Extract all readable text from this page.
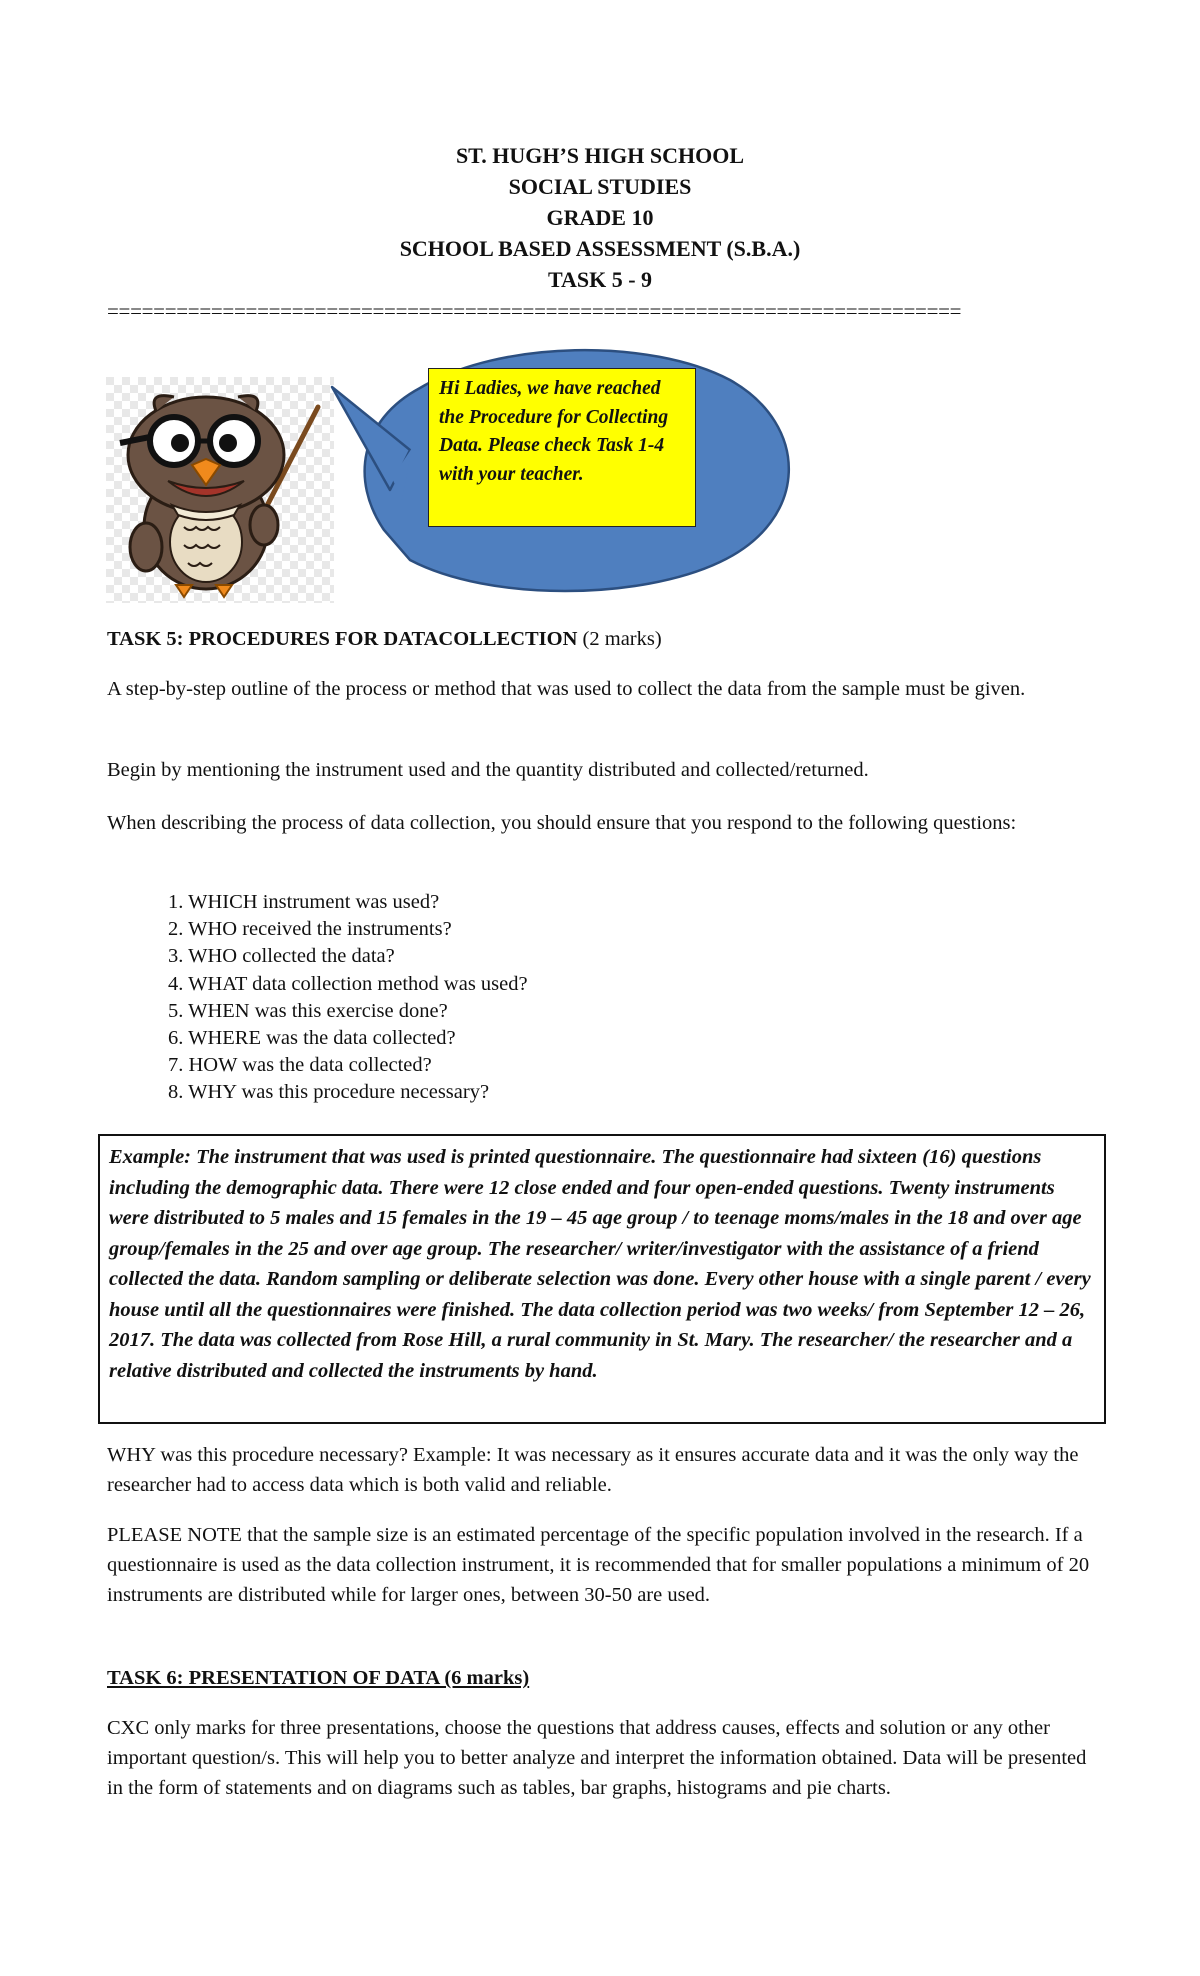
ST. HUGH’S HIGH SCHOOL
SOCIAL STUDIES
GRADE 10
SCHOOL BASED ASSESSMENT (S.B.A.)
TASK 5 - 9
==========================================================================
Hi Ladies, we have reached the Procedure for Collecting Data. Please check Task 1-4 with your teacher.
TASK 5: PROCEDURES FOR DATACOLLECTION (2 marks)
A step-by-step outline of the process or method that was used to collect the data from the sample must be given.
Begin by mentioning the instrument used and the quantity distributed and collected/returned.
When describing the process of data collection, you should ensure that you respond to the following questions:
1. WHICH instrument was used?
2. WHO received the instruments?
3. WHO collected the data?
4. WHAT data collection method was used?
5. WHEN was this exercise done?
6. WHERE was the data collected?
7. HOW was the data collected?
8. WHY was this procedure necessary?
Example: The instrument that was used is printed questionnaire. The questionnaire had sixteen (16) questions including the demographic data. There were 12 close ended and four open-ended questions. Twenty instruments were distributed to 5 males and 15 females in the 19 – 45 age group / to teenage moms/males in the 18 and over age group/females in the 25 and over age group. The researcher/ writer/investigator with the assistance of a friend collected the data. Random sampling or deliberate selection was done. Every other house with a single parent / every house until all the questionnaires were finished. The data collection period was two weeks/ from September 12 – 26, 2017. The data was collected from Rose Hill, a rural community in St. Mary. The researcher/ the researcher and a relative distributed and collected the instruments by hand.
WHY was this procedure necessary? Example: It was necessary as it ensures accurate data and it was the only way the researcher had to access data which is both valid and reliable.
PLEASE NOTE that the sample size is an estimated percentage of the specific population involved in the research. If a questionnaire is used as the data collection instrument, it is recommended that for smaller populations a minimum of 20 instruments are distributed while for larger ones, between 30-50 are used.
TASK 6: PRESENTATION OF DATA (6 marks)
CXC only marks for three presentations, choose the questions that address causes, effects and solution or any other important question/s. This will help you to better analyze and interpret the information obtained. Data will be presented in the form of statements and on diagrams such as tables, bar graphs, histograms and pie charts.
